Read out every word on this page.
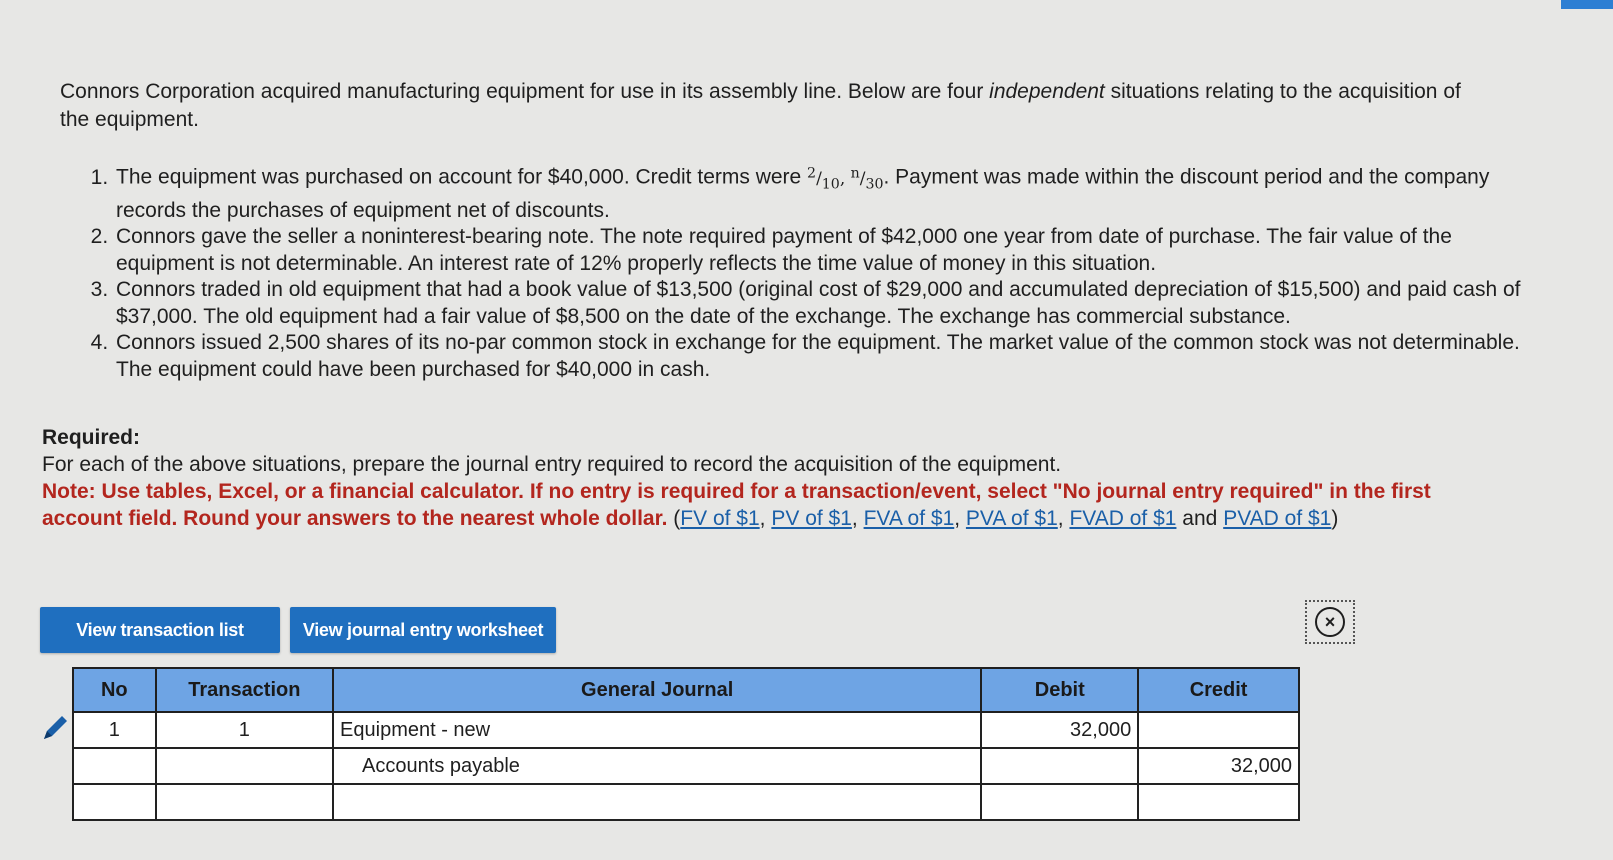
Connors Corporation acquired manufacturing equipment for use in its assembly line. Below are four independent situations relating to the acquisition of the equipment.
1. The equipment was purchased on account for $40,000. Credit terms were $^2/_{10}$, $^n/_{30}$. Payment was made within the discount period and the company records the purchases of equipment net of discounts.
2. Connors gave the seller a noninterest-bearing note. The note required payment of $42,000 one year from date of purchase. The fair value of the equipment is not determinable. An interest rate of 12% properly reflects the time value of money in this situation.
3. Connors traded in old equipment that had a book value of $13,500 (original cost of $29,000 and accumulated depreciation of $15,500) and paid cash of $37,000. The old equipment had a fair value of $8,500 on the date of the exchange. The exchange has commercial substance.
4. Connors issued 2,500 shares of its no-par common stock in exchange for the equipment. The market value of the common stock was not determinable. The equipment could have been purchased for $40,000 in cash.
Required:
For each of the above situations, prepare the journal entry required to record the acquisition of the equipment.
Note: Use tables, Excel, or a financial calculator. If no entry is required for a transaction/event, select "No journal entry required" in the first account field. Round your answers to the nearest whole dollar. (FV of $1, PV of $1, FVA of $1, PVA of $1, FVAD of $1 and PVAD of $1)
View transaction list	View journal entry worksheet	×
No	Transaction	General Journal	Debit	Credit
1	1	Equipment - new	32,000	
		Accounts payable		32,000
